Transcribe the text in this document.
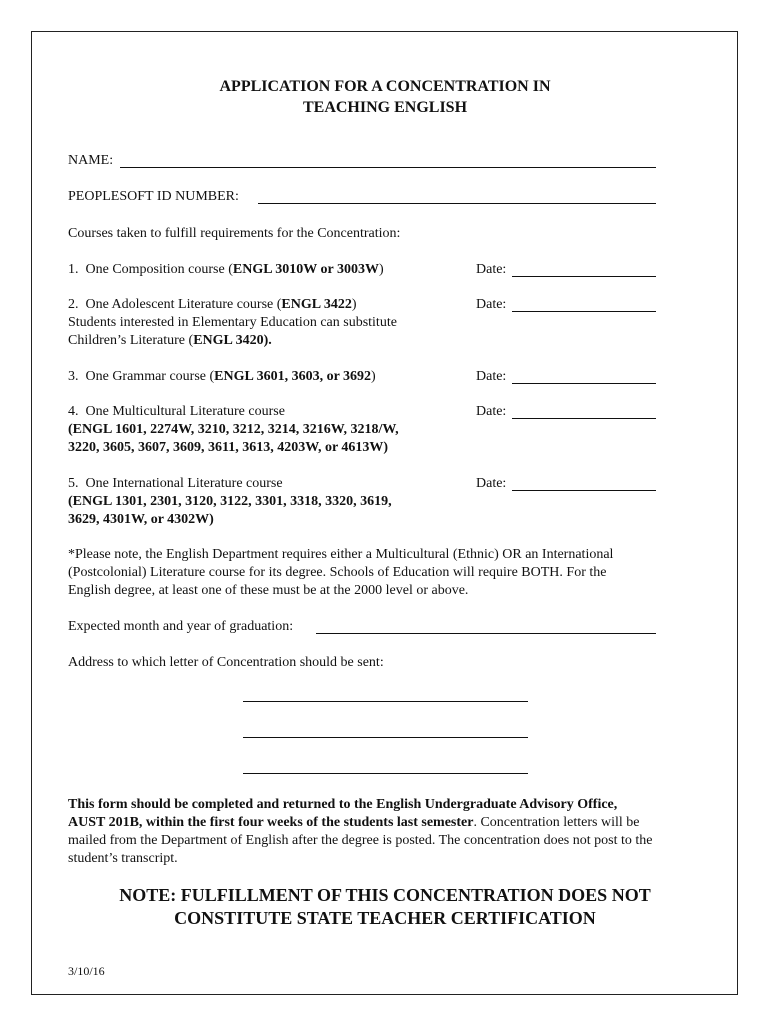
APPLICATION FOR A CONCENTRATION IN
TEACHING ENGLISH
NAME:
PEOPLESOFT ID NUMBER:
Courses taken to fulfill requirements for the Concentration:
1. One Composition course (ENGL 3010W or 3003W)	Date:
2. One Adolescent Literature course (ENGL 3422)	Date:
Students interested in Elementary Education can substitute
Children’s Literature (ENGL 3420).
3. One Grammar course (ENGL 3601, 3603, or 3692)	Date:
4. One Multicultural Literature course	Date:
(ENGL 1601, 2274W, 3210, 3212, 3214, 3216W, 3218/W,
3220, 3605, 3607, 3609, 3611, 3613, 4203W, or 4613W)
5. One International Literature course	Date:
(ENGL 1301, 2301, 3120, 3122, 3301, 3318, 3320, 3619,
3629, 4301W, or 4302W)
*Please note, the English Department requires either a Multicultural (Ethnic) OR an International
(Postcolonial) Literature course for its degree. Schools of Education will require BOTH. For the
English degree, at least one of these must be at the 2000 level or above.
Expected month and year of graduation:
Address to which letter of Concentration should be sent:
This form should be completed and returned to the English Undergraduate Advisory Office,
AUST 201B, within the first four weeks of the students last semester. Concentration letters will be
mailed from the Department of English after the degree is posted. The concentration does not post to the
student’s transcript.
NOTE: FULFILLMENT OF THIS CONCENTRATION DOES NOT
CONSTITUTE STATE TEACHER CERTIFICATION
3/10/16
